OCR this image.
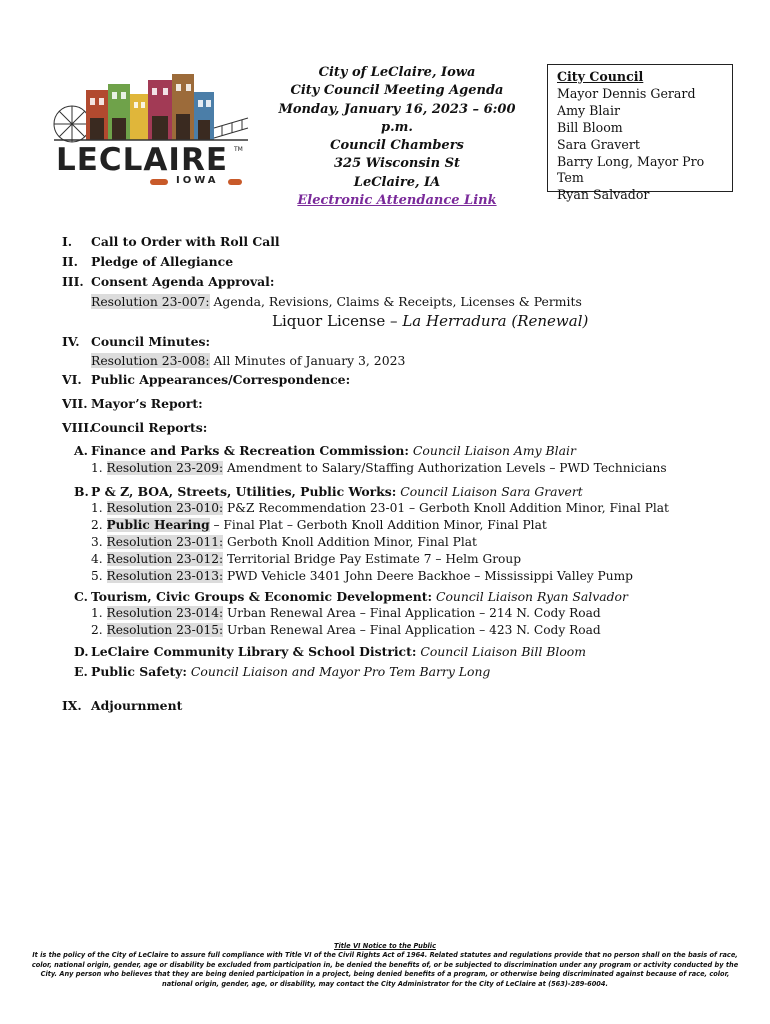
LECLAIRE TM
IOWA
City of LeClaire, Iowa
City Council Meeting Agenda
Monday, January 16, 2023 – 6:00 p.m.
Council Chambers
325 Wisconsin St
LeClaire, IA
Electronic Attendance Link
City Council
Mayor Dennis Gerard
Amy Blair
Bill Bloom
Sara Gravert
Barry Long, Mayor Pro Tem
Ryan Salvador
I. Call to Order with Roll Call
II. Pledge of Allegiance
III. Consent Agenda Approval:
Resolution 23-007: Agenda, Revisions, Claims & Receipts, Licenses & Permits
Liquor License – La Herradura (Renewal)
IV. Council Minutes:
Resolution 23-008: All Minutes of January 3, 2023
VI. Public Appearances/Correspondence:
VII. Mayor’s Report:
VIII.
Council Reports:
A. Finance and Parks & Recreation Commission: Council Liaison Amy Blair
1. Resolution 23-209: Amendment to Salary/Staffing Authorization Levels – PWD Technicians
B. P & Z, BOA, Streets, Utilities, Public Works: Council Liaison Sara Gravert
1. Resolution 23-010: P&Z Recommendation 23-01 – Gerboth Knoll Addition Minor, Final Plat
2. Public Hearing – Final Plat – Gerboth Knoll Addition Minor, Final Plat
3. Resolution 23-011: Gerboth Knoll Addition Minor, Final Plat
4. Resolution 23-012: Territorial Bridge Pay Estimate 7 – Helm Group
5. Resolution 23-013: PWD Vehicle 3401 John Deere Backhoe – Mississippi Valley Pump
C. Tourism, Civic Groups & Economic Development: Council Liaison Ryan Salvador
1. Resolution 23-014: Urban Renewal Area – Final Application – 214 N. Cody Road
2. Resolution 23-015: Urban Renewal Area – Final Application – 423 N. Cody Road
D. LeClaire Community Library & School District: Council Liaison Bill Bloom
E. Public Safety: Council Liaison and Mayor Pro Tem Barry Long
IX. Adjournment
Title VI Notice to the Public
It is the policy of the City of LeClaire to assure full compliance with Title VI of the Civil Rights Act of 1964. Related statutes and regulations provide that no person shall on the basis of race, color, national origin, gender, age or disability be excluded from participation in, be denied the benefits of, or be subjected to discrimination under any program or activity conducted by the City. Any person who believes that they are being denied participation in a project, being denied benefits of a program, or otherwise being discriminated against because of race, color, national origin, gender, age, or disability, may contact the City Administrator for the City of LeClaire at (563)-289-6004.
